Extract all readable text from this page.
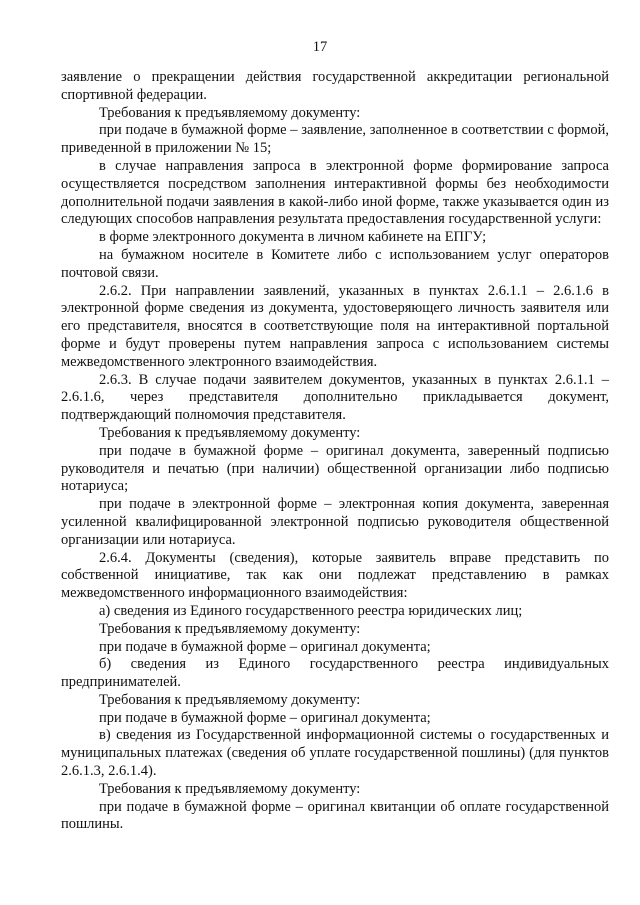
17

заявление о прекращении действия государственной аккредитации региональной спортивной федерации.

Требования к предъявляемому документу:

при подаче в бумажной форме – заявление, заполненное в соответствии с формой, приведенной в приложении № 15;

в случае направления запроса в электронной форме формирование запроса осуществляется посредством заполнения интерактивной формы без необходимости дополнительной подачи заявления в какой-либо иной форме, также указывается один из следующих способов направления результата предоставления государственной услуги:

в форме электронного документа в личном кабинете на ЕПГУ;

на бумажном носителе в Комитете либо с использованием услуг операторов почтовой связи.

2.6.2. При направлении заявлений, указанных в пунктах 2.6.1.1 – 2.6.1.6 в электронной форме сведения из документа, удостоверяющего личность заявителя или его представителя, вносятся в соответствующие поля на интерактивной портальной форме и будут проверены путем направления запроса с использованием системы межведомственного электронного взаимодействия.

2.6.3. В случае подачи заявителем документов, указанных в пунктах 2.6.1.1 – 2.6.1.6, через представителя дополнительно прикладывается документ, подтверждающий полномочия представителя.

Требования к предъявляемому документу:

при подаче в бумажной форме – оригинал документа, заверенный подписью руководителя и печатью (при наличии) общественной организации либо подписью нотариуса;

при подаче в электронной форме – электронная копия документа, заверенная усиленной квалифицированной электронной подписью руководителя общественной организации или нотариуса.

2.6.4. Документы (сведения), которые заявитель вправе представить по собственной инициативе, так как они подлежат представлению в рамках межведомственного информационного взаимодействия:

а) сведения из Единого государственного реестра юридических лиц;

Требования к предъявляемому документу:

при подаче в бумажной форме – оригинал документа;

б) сведения из Единого государственного реестра индивидуальных предпринимателей.

Требования к предъявляемому документу:

при подаче в бумажной форме – оригинал документа;

в) сведения из Государственной информационной системы о государственных и муниципальных платежах (сведения об уплате государственной пошлины) (для пунктов 2.6.1.3, 2.6.1.4).

Требования к предъявляемому документу:

при подаче в бумажной форме – оригинал квитанции об оплате государственной пошлины.
